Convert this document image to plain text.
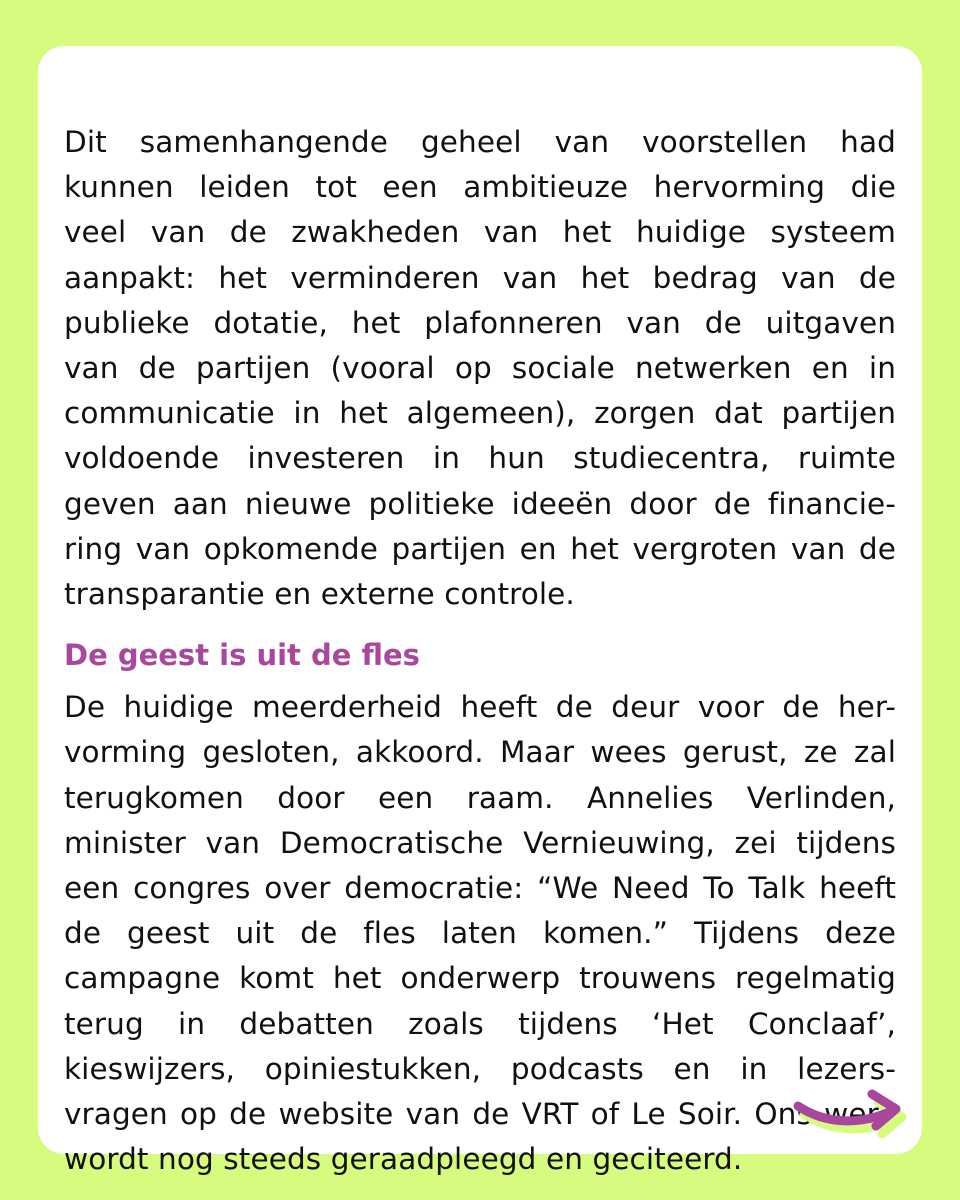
Dit samenhangende geheel van voorstellen had
kunnen leiden tot een ambitieuze hervorming die
veel van de zwakheden van het huidige systeem
aanpakt: het verminderen van het bedrag van de
publieke dotatie, het plafonneren van de uitgaven
van de partijen (vooral op sociale netwerken en in
communicatie in het algemeen), zorgen dat partijen
voldoende investeren in hun studiecentra, ruimte
geven aan nieuwe politieke ideeën door de financie-
ring van opkomende partijen en het vergroten van de
transparantie en externe controle.

De geest is uit de fles

De huidige meerderheid heeft de deur voor de her-
vorming gesloten, akkoord. Maar wees gerust, ze zal
terugkomen door een raam. Annelies Verlinden,
minister van Democratische Vernieuwing, zei tijdens
een congres over democratie: “We Need To Talk heeft
de geest uit de fles laten komen.” Tijdens deze
campagne komt het onderwerp trouwens regelmatig
terug in debatten zoals tijdens ‘Het Conclaaf’,
kieswijzers, opiniestukken, podcasts en in lezers-
vragen op de website van de VRT of Le Soir. Ons werk
wordt nog steeds geraadpleegd en geciteerd.
